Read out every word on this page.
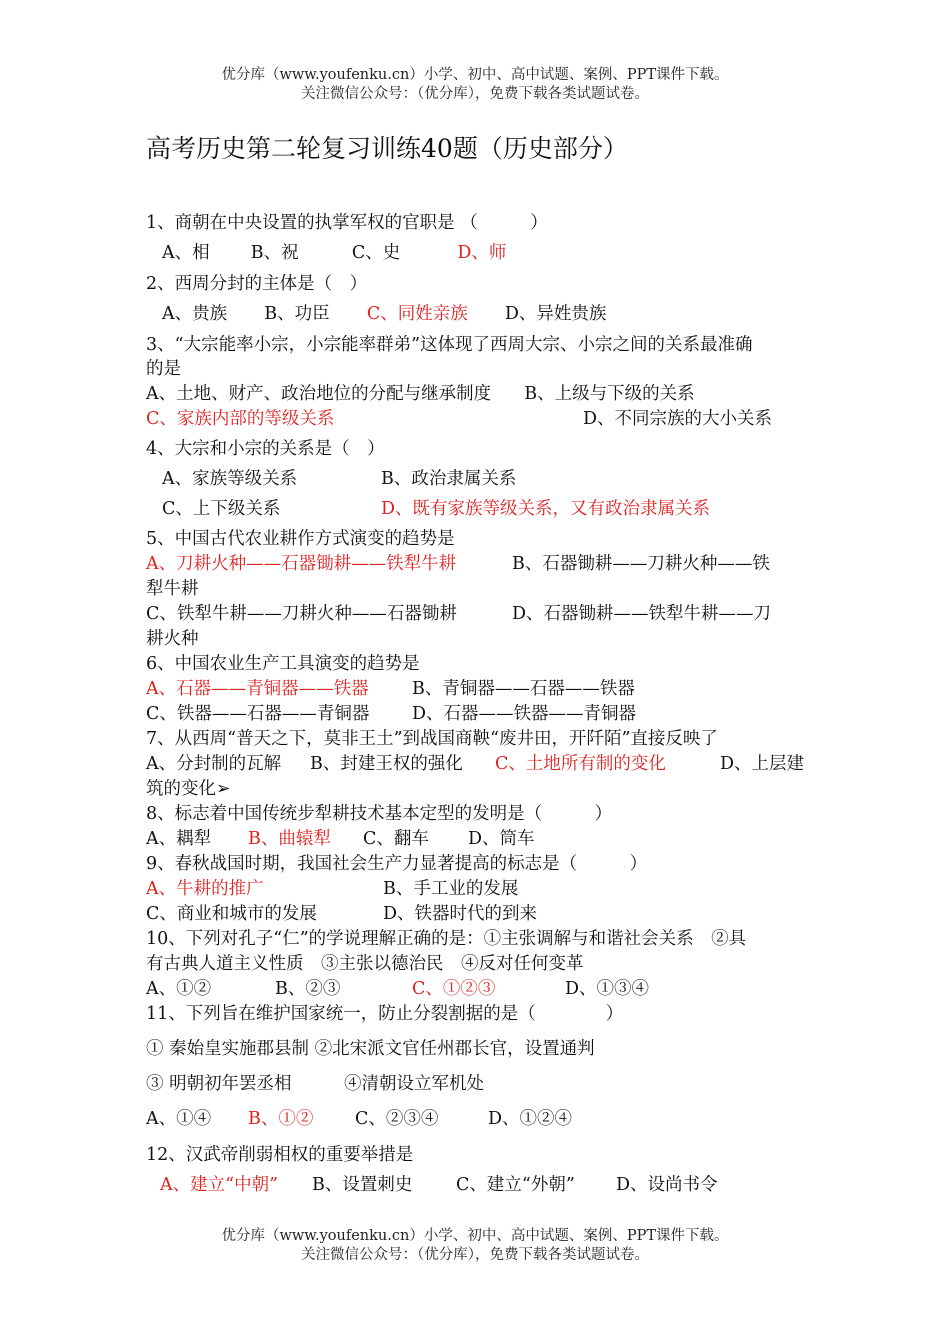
优分库（www.youfenku.cn）小学、初中、高中试题、案例、PPT课件下载。
关注微信公众号：（优分库），免费下载各类试题试卷。
高考历史第二轮复习训练40题（历史部分）
1、商朝在中央设置的执掌军权的官职是 （　　　）
A、相 B、祝	C、史	D、师
2、西周分封的主体是（　）
A、贵族 B、功臣 C、同姓亲族 D、异姓贵族
3、“大宗能率小宗，小宗能率群弟”这体现了西周大宗、小宗之间的关系最准确
的是
A、土地、财产、政治地位的分配与继承制度 B、上级与下级的关系
C、家族内部的等级关系	D、不同宗族的大小关系
4、大宗和小宗的关系是（　）
A、家族等级关系	B、政治隶属关系
C、上下级关系	D、既有家族等级关系，又有政治隶属关系
5、中国古代农业耕作方式演变的趋势是
A、刀耕火种——石器锄耕——铁犁牛耕	B、石器锄耕——刀耕火种——铁
犁牛耕
C、铁犁牛耕——刀耕火种——石器锄耕	D、石器锄耕——铁犁牛耕——刀
耕火种
6、中国农业生产工具演变的趋势是
A、石器——青铜器——铁器 B、青铜器——石器——铁器
C、铁器——石器——青铜器 D、石器——铁器——青铜器
7、从西周“普天之下，莫非王土”到战国商鞅“废井田，开阡陌”直接反映了
A、分封制的瓦解 B、封建王权的强化 C、土地所有制的变化	D、上层建
筑的变化➢
8、标志着中国传统步犁耕技术基本定型的发明是（　　　）
A、耦犁 B、曲辕犁 C、翻车 D、筒车
9、春秋战国时期，我国社会生产力显著提高的标志是（　　　）
A、牛耕的推广	B、手工业的发展
C、商业和城市的发展	D、铁器时代的到来
10、下列对孔子“仁”的学说理解正确的是：①主张调解与和谐社会关系　②具
有古典人道主义性质　③主张以德治民　④反对任何变革
A、①②	B、②③	C、①②③	D、①③④
11、下列旨在维护国家统一，防止分裂割据的是（　　　　）
① 秦始皇实施郡县制 ②北宋派文官任州郡长官，设置通判
③ 明朝初年罢丞相　　　④清朝设立军机处
A、①④ B、①② C、②③④	D、①②④
12、汉武帝削弱相权的重要举措是
A、建立“中朝” B、设置刺史 C、建立“外朝” D、设尚书令
优分库（www.youfenku.cn）小学、初中、高中试题、案例、PPT课件下载。
关注微信公众号：（优分库），免费下载各类试题试卷。
